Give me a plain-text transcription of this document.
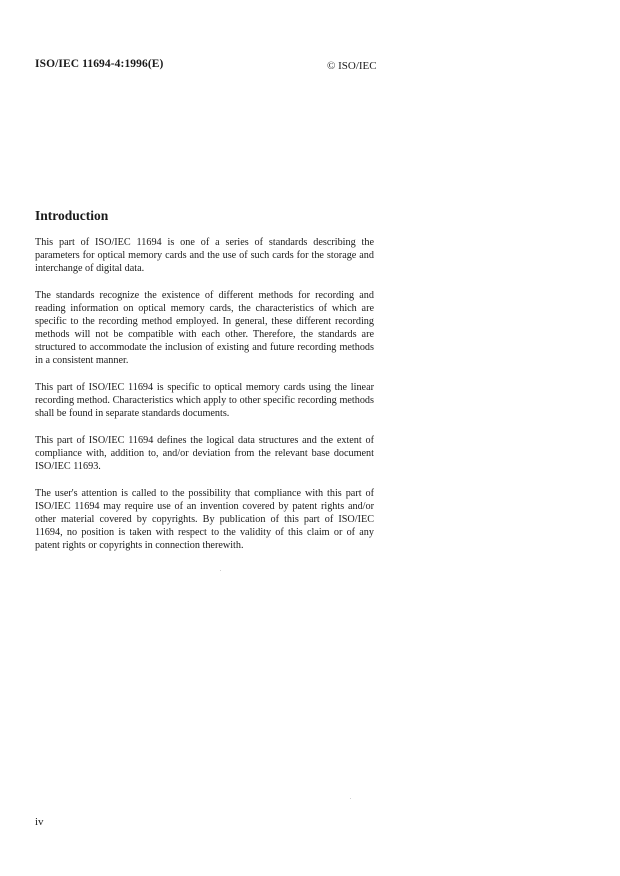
ISO/IEC 11694-4:1996(E)	© ISO/IEC
Introduction

This part of ISO/IEC 11694 is one of a series of standards describing the parameters for optical memory cards and the use of such cards for the storage and interchange of digital data.

The standards recognize the existence of different methods for recording and reading information on optical memory cards, the characteristics of which are specific to the recording method employed. In general, these different recording methods will not be compatible with each other. Therefore, the standards are structured to accommodate the inclusion of existing and future recording methods in a consistent manner.

This part of ISO/IEC 11694 is specific to optical memory cards using the linear recording method. Characteristics which apply to other specific recording methods shall be found in separate standards documents.

This part of ISO/IEC 11694 defines the logical data structures and the extent of compliance with, addition to, and/or deviation from the relevant base document ISO/IEC 11693.

The user's attention is called to the possibility that compliance with this part of ISO/IEC 11694 may require use of an invention covered by patent rights and/or other material covered by copyrights. By publication of this part of ISO/IEC 11694, no position is taken with respect to the validity of this claim or of any patent rights or copyrights in connection therewith.

iv
